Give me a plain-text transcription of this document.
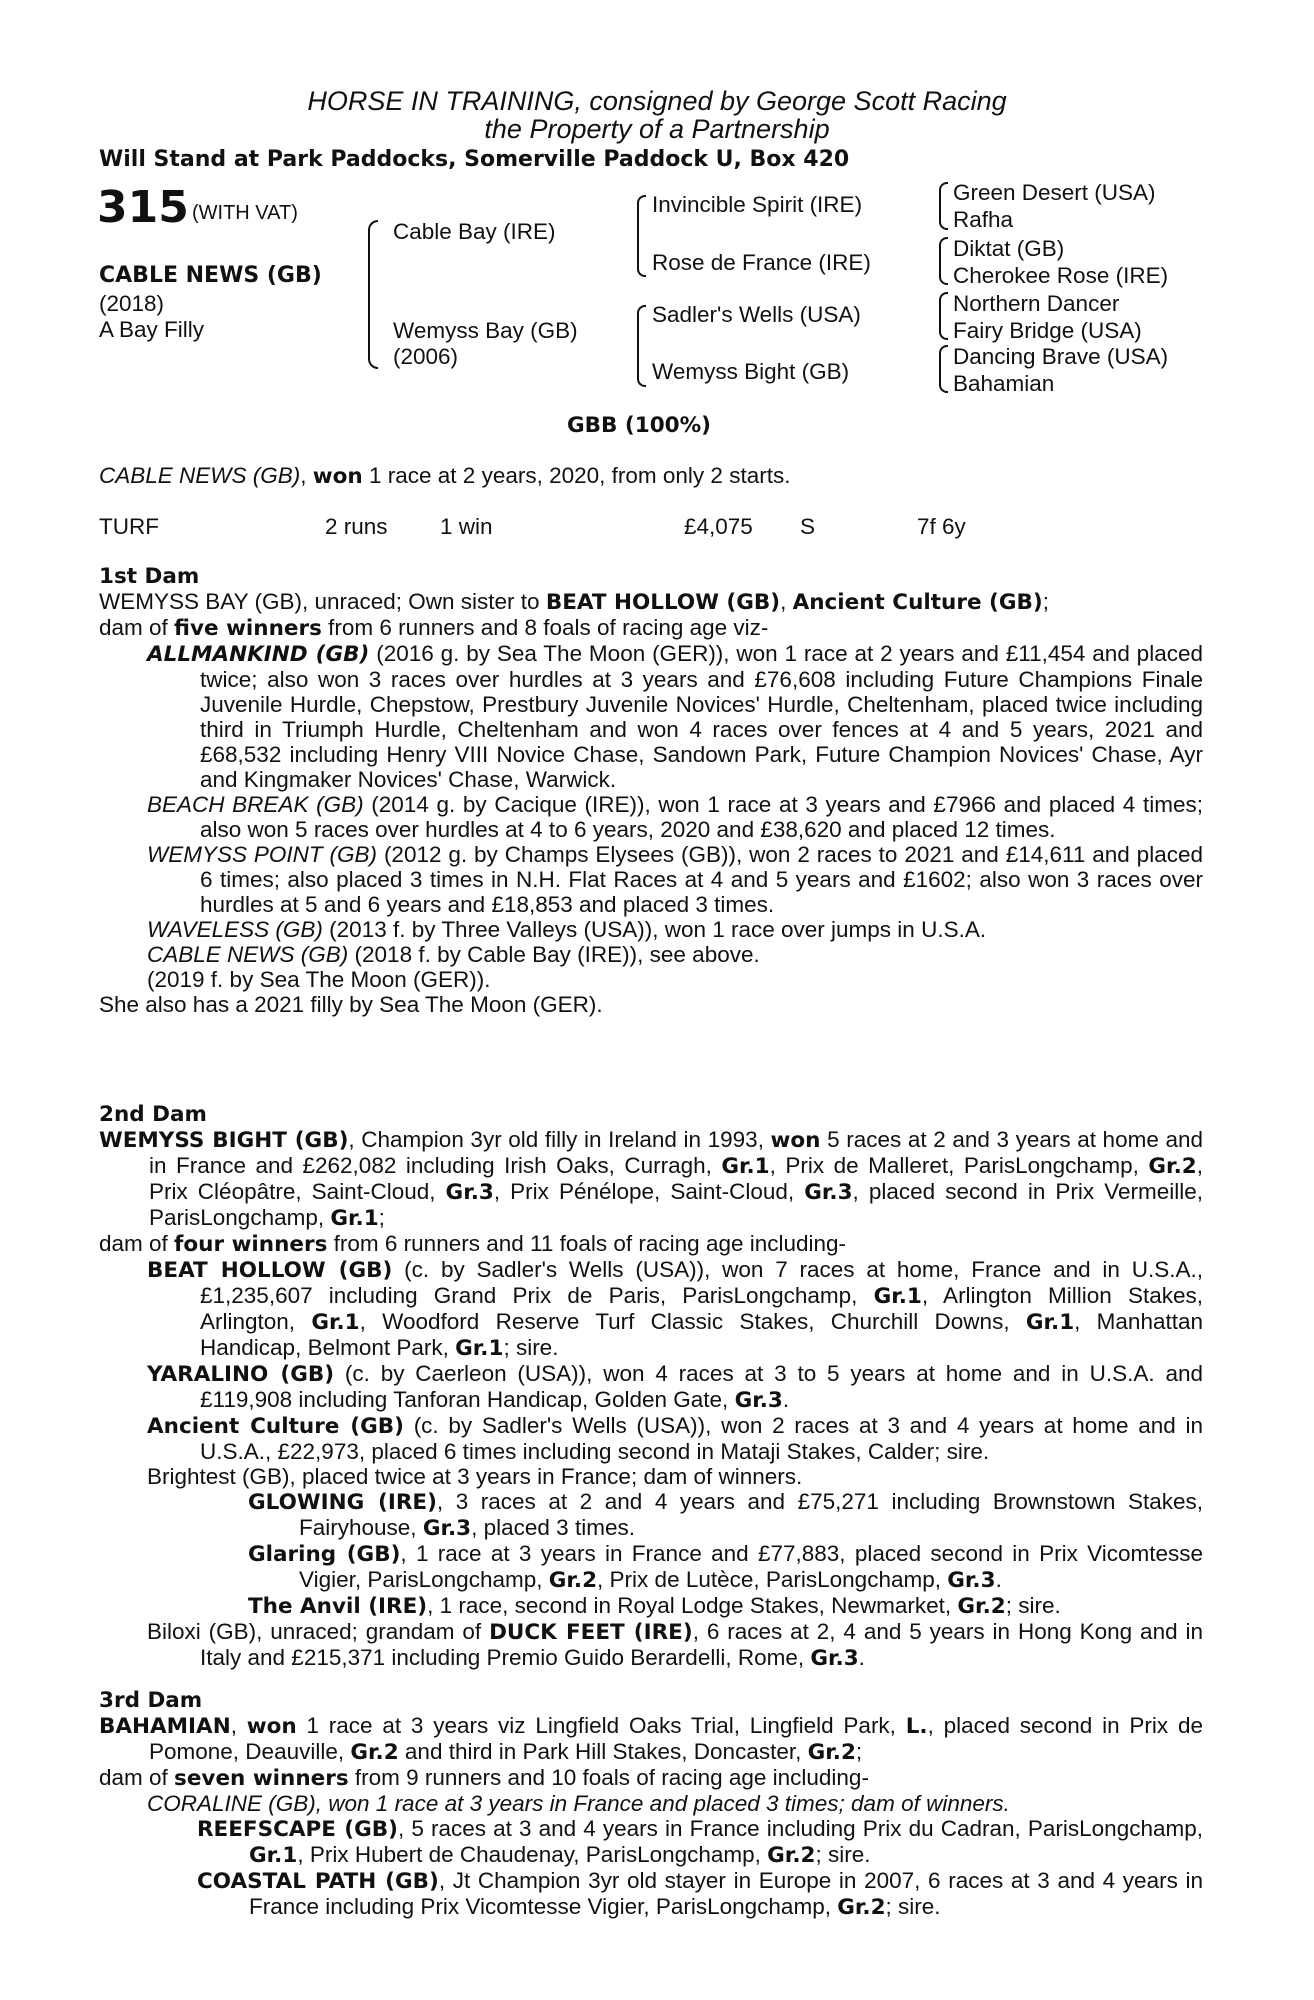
HORSE IN TRAINING, consigned by George Scott Racing
the Property of a Partnership
Will Stand at Park Paddocks, Somerville Paddock U, Box 420
315 (WITH VAT)
CABLE NEWS (GB)
(2018)
A Bay Filly
Cable Bay (IRE)
Wemyss Bay (GB)
(2006)
Invincible Spirit (IRE)
Rose de France (IRE)
Sadler's Wells (USA)
Wemyss Bight (GB)
Green Desert (USA)
Rafha
Diktat (GB)
Cherokee Rose (IRE)
Northern Dancer
Fairy Bridge (USA)
Dancing Brave (USA)
Bahamian
GBB (100%)
CABLE NEWS (GB), won 1 race at 2 years, 2020, from only 2 starts.
TURF	2 runs 1 win	£4,075 S	7f 6y

1st Dam

WEMYSS BAY (GB), unraced; Own sister to BEAT HOLLOW (GB), Ancient Culture (GB);

dam of five winners from 6 runners and 8 foals of racing age viz-

ALLMANKIND (GB) (2016 g. by Sea The Moon (GER)), won 1 race at 2 years and £11,454 and placed twice; also won 3 races over hurdles at 3 years and £76,608 including Future Champions Finale Juvenile Hurdle, Chepstow, Prestbury Juvenile Novices' Hurdle, Cheltenham, placed twice including third in Triumph Hurdle, Cheltenham and won 4 races over fences at 4 and 5 years, 2021 and £68,532 including Henry VIII Novice Chase, Sandown Park, Future Champion Novices' Chase, Ayr and Kingmaker Novices' Chase, Warwick.

BEACH BREAK (GB) (2014 g. by Cacique (IRE)), won 1 race at 3 years and £7966 and placed 4 times; also won 5 races over hurdles at 4 to 6 years, 2020 and £38,620 and placed 12 times.

WEMYSS POINT (GB) (2012 g. by Champs Elysees (GB)), won 2 races to 2021 and £14,611 and placed 6 times; also placed 3 times in N.H. Flat Races at 4 and 5 years and £1602; also won 3 races over hurdles at 5 and 6 years and £18,853 and placed 3 times.

WAVELESS (GB) (2013 f. by Three Valleys (USA)), won 1 race over jumps in U.S.A.

CABLE NEWS (GB) (2018 f. by Cable Bay (IRE)), see above.

(2019 f. by Sea The Moon (GER)).

She also has a 2021 filly by Sea The Moon (GER).

2nd Dam

WEMYSS BIGHT (GB), Champion 3yr old filly in Ireland in 1993, won 5 races at 2 and 3 years at home and in France and £262,082 including Irish Oaks, Curragh, Gr.1, Prix de Malleret, ParisLongchamp, Gr.2, Prix Cléopâtre, Saint-Cloud, Gr.3, Prix Pénélope, Saint-Cloud, Gr.3, placed second in Prix Vermeille, ParisLongchamp, Gr.1;

dam of four winners from 6 runners and 11 foals of racing age including-

BEAT HOLLOW (GB) (c. by Sadler's Wells (USA)), won 7 races at home, France and in U.S.A., £1,235,607 including Grand Prix de Paris, ParisLongchamp, Gr.1, Arlington Million Stakes, Arlington, Gr.1, Woodford Reserve Turf Classic Stakes, Churchill Downs, Gr.1, Manhattan Handicap, Belmont Park, Gr.1; sire.

YARALINO (GB) (c. by Caerleon (USA)), won 4 races at 3 to 5 years at home and in U.S.A. and £119,908 including Tanforan Handicap, Golden Gate, Gr.3.

Ancient Culture (GB) (c. by Sadler's Wells (USA)), won 2 races at 3 and 4 years at home and in U.S.A., £22,973, placed 6 times including second in Mataji Stakes, Calder; sire.

Brightest (GB), placed twice at 3 years in France; dam of winners.

GLOWING (IRE), 3 races at 2 and 4 years and £75,271 including Brownstown Stakes, Fairyhouse, Gr.3, placed 3 times.

Glaring (GB), 1 race at 3 years in France and £77,883, placed second in Prix Vicomtesse Vigier, ParisLongchamp, Gr.2, Prix de Lutèce, ParisLongchamp, Gr.3.

The Anvil (IRE), 1 race, second in Royal Lodge Stakes, Newmarket, Gr.2; sire.

Biloxi (GB), unraced; grandam of DUCK FEET (IRE), 6 races at 2, 4 and 5 years in Hong Kong and in Italy and £215,371 including Premio Guido Berardelli, Rome, Gr.3.

3rd Dam

BAHAMIAN, won 1 race at 3 years viz Lingfield Oaks Trial, Lingfield Park, L., placed second in Prix de Pomone, Deauville, Gr.2 and third in Park Hill Stakes, Doncaster, Gr.2;

dam of seven winners from 9 runners and 10 foals of racing age including-

CORALINE (GB), won 1 race at 3 years in France and placed 3 times; dam of winners.

REEFSCAPE (GB), 5 races at 3 and 4 years in France including Prix du Cadran, ParisLongchamp, Gr.1, Prix Hubert de Chaudenay, ParisLongchamp, Gr.2; sire.

COASTAL PATH (GB), Jt Champion 3yr old stayer in Europe in 2007, 6 races at 3 and 4 years in France including Prix Vicomtesse Vigier, ParisLongchamp, Gr.2; sire.
